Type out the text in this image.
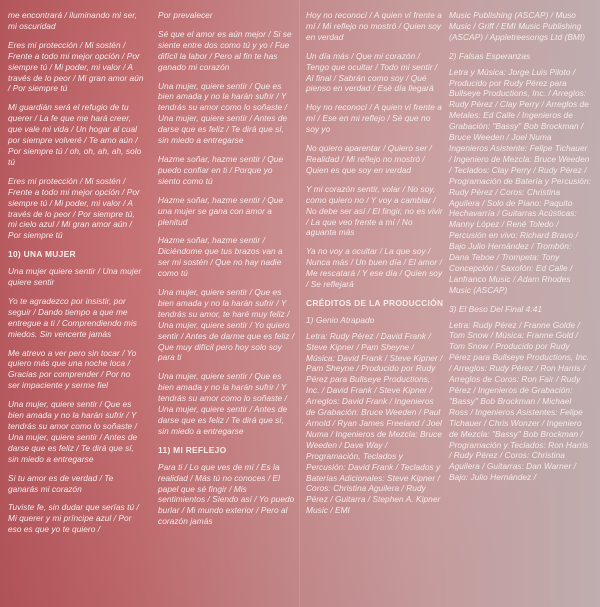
me encontrará / iluminando mi ser, mi oscuridad

Eres mi protección / Mi sostén / Frente a todo mi mejor opción / Por siempre tú / Mi poder, mi valor / A través de lo peor / Mi gran amor aún / Por siempre tú

Mi guardián será el refugio de tu querer / La fe que me hará creer, que vale mi vida / Un hogar al cual por siempre volveré / Te amo aún / Por siempre tú / oh, oh, ah, ah, solo tú

Eres mi protección / Mi sostén / Frente a todo mi mejor opción / Por siempre tú / Mi poder, mi valor / A través de lo peor / Por siempre tú, mi cielo azul / Mi gran amor aún / Por siempre tú

10) UNA MUJER

Una mujer quiere sentir / Una mujer quiere sentir

Yo te agradezco por insistir, por seguir / Dando tiempo a que me entregue a ti / Comprendiendo mis miedos. Sin vencerte jamás

Me atrevo a ver pero sin tocar / Yo quiero más que una noche loca / Gracias por comprender / Por no ser impaciente y serme fiel

Una mujer, quiere sentir / Que es bien amada y no la harán sufrir / Y tendrás su amor como lo soñaste / Una mujer, quiere sentir / Antes de darse que es feliz / Te dirá que sí, sin miedo a entregarse

Si tu amor es de verdad / Te ganarás mi corazón

Tuviste fe, sin dudar que serías tú / Mi querer y mi príncipe azul / Por eso es que yo te quiero /

Por prevalecer

Sé que el amor es aún mejor / Si se siente entre dos como tú y yo / Fue difícil la labor / Pero al fin te has ganado mi corazón

Una mujer, quiere sentir / Que es bien amada y no la harán sufrir / Y tendrás su amor como lo soñaste / Una mujer, quiere sentir / Antes de darse que es feliz / Te dirá que sí, sin miedo a entregarse

Hazme soñar, hazme sentir / Que puedo confiar en ti / Porque yo siento como tú

Hazme soñar, hazme sentir / Que una mujer se gana con amor a plenitud

Hazme soñar, hazme sentir / Diciéndome que tus brazos van a ser mi sostén / Que no hay nadie como tú

Una mujer, quiere sentir / Que es bien amada y no la harán sufrir / Y tendrás su amor, te haré muy feliz / Una mujer, quiere sentir / Yo quiero sentir / Antes de darme que es feliz / Que muy difícil pero hoy solo soy para ti

Una mujer, quiere sentir / Que es bien amada y no la harán sufrir / Y tendrás su amor como lo soñaste / Una mujer, quiere sentir / Antes de darse que es feliz / Te dirá que sí, sin miedo a entregarse

11) MI REFLEJO

Para ti / Lo que ves de mí / Es la realidad / Más tú no conoces / El papel que sé fingir / Mis sentimientos / Siendo así / Yo puedo burlar / Mi mundo exterior / Pero al corazón jamás

Hoy no reconocí / A quien ví frente a mí / Mi reflejo no mostró / Quien soy en verdad

Un día más / Que mi corazón / Tengo que ocultar / Todo mi sentir / Al final / Sabrán como soy / Qué pienso en verdad / Esé día llegará

Hoy no reconocí / A quien ví frente a mí / Ese en mi reflejo / Sé que no soy yo

No quiero aparentar / Quiero ser / Realidad / Mi reflejo no mostró / Quien es que soy en verdad

Y mi corazón sentir, volar / No soy, como quiero no / Y voy a cambiar / No debe ser así / El fingir, no es vivir / La que veo frente a mí / No aguanta más

Ya no voy a ocultar / La que soy / Nunca más / Un buen día / El amor / Me rescatará / Y ese día / Quien soy / Se reflejará

CRÉDITOS DE LA PRODUCCIÓN

1) Genio Atrapado

Letra: Rudy Pérez / David Frank / Steve Kipner / Pam Sheyne / Música: David Frank / Steve Kipner / Pam Sheyne / Producido por Rudy Pérez para Bullseye Productions, Inc. / David Frank / Steve Kipner / Arreglos: David Frank / Ingenieros de Grabación: Bruce Weeden / Paul Arnold / Ryan James Freeland / Joel Numa / Ingenieros de Mezcla: Bruce Weeden / Dave Way / Programación, Teclados y Percusión: David Frank / Teclados y Baterías Adicionales: Steve Kipner / Coros: Christina Aguilera / Rudy Pérez / Guitarra / Stephen A. Kipner Music / EMI

Music Publishing (ASCAP) / Muso Music / Griff / EMI Music Publishing (ASCAP) / Appletreesongs Ltd (BMI)

2) Falsas Esperanzas

Letra y Música: Jorge Luis Piloto / Producido por Rudy Pérez para Bullseye Productions, Inc. / Arreglos: Rudy Pérez / Clay Perry / Arreglos de Metales: Ed Calle / Ingenieros de Grabación: "Bassy" Bob Brockman / Bruce Weeden / Joel Numa Ingenieros Asistente: Felipe Tichauer / Ingeniero de Mezcla: Bruce Weeden / Teclados: Clay Perry / Rudy Pérez / Programación de Batería y Percusión: Rudy Pérez / Coros: Christina Aguilera / Solo de Piano: Paquito Hechavarría / Guitarras Acústicas: Manny López / René Toledo / Percusión en vivo: Richard Bravo / Bajo Julio Hernández / Trombón: Dana Teboe / Trompeta: Tony Concepción / Saxofón: Ed Calle / Lanfranco Music / Adam Rhodes Music (ASCAP)

3) El Beso Del Final 4:41

Letra: Rudy Pérez / Franne Golde / Tom Snow / Música: Franne Gold / Tom Snow / Producido por Rudy Pérez para Bullseye Productions, Inc. / Arreglos: Rudy Pérez / Ron Harris / Arreglos de Coros: Ron Fair / Rudy Pérez / Ingenieros de Grabación: "Bassy" Bob Brockman / Michael Ross / Ingenieros Asistentes: Felipe Tichauer / Chris Wonzer / Ingeniero de Mezcla: "Bassy" Bob Brockman / Programación y Teclados: Ron Harris / Rudy Pérez / Coros: Christina Aguilera / Guitarras: Dan Warner / Bajo: Julio Hernández /
